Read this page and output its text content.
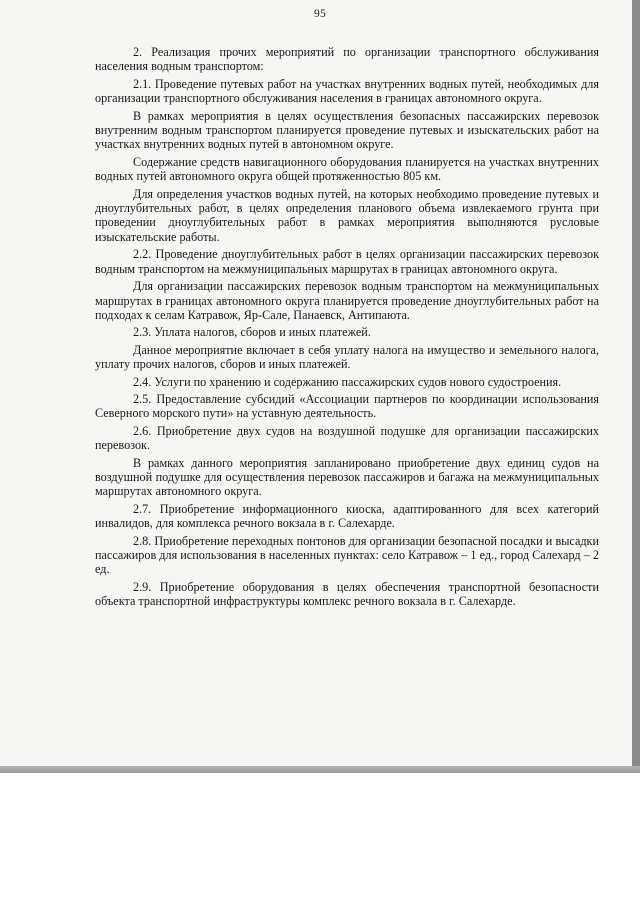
95

2. Реализация прочих мероприятий по организации транспортного обслуживания населения водным транспортом:

2.1. Проведение путевых работ на участках внутренних водных путей, необходимых для организации транспортного обслуживания населения в границах автономного округа.

В рамках мероприятия в целях осуществления безопасных пассажирских перевозок внутренним водным транспортом планируется проведение путевых и изыскательских работ на участках внутренних водных путей в автономном округе.

Содержание средств навигационного оборудования планируется на участках внутренних водных путей автономного округа общей протяженностью 805 км.

Для определения участков водных путей, на которых необходимо проведение путевых и дноуглубительных работ, в целях определения планового объема извлекаемого грунта при проведении дноуглубительных работ в рамках мероприятия выполняются русловые изыскательские работы.

2.2. Проведение дноуглубительных работ в целях организации пассажирских перевозок водным транспортом на межмуниципальных маршрутах в границах автономного округа.

Для организации пассажирских перевозок водным транспортом на межмуниципальных маршрутах в границах автономного округа планируется проведение дноуглубительных работ на подходах к селам Катравож, Яр-Сале, Панаевск, Антипаюта.

2.3. Уплата налогов, сборов и иных платежей.

Данное мероприятие включает в себя уплату налога на имущество и земельного налога, уплату прочих налогов, сборов и иных платежей.

2.4. Услуги по хранению и содержанию пассажирских судов нового судостроения.

2.5. Предоставление субсидий «Ассоциации партнеров по координации использования Северного морского пути» на уставную деятельность.

2.6. Приобретение двух судов на воздушной подушке для организации пассажирских перевозок.

В рамках данного мероприятия запланировано приобретение двух единиц судов на воздушной подушке для осуществления перевозок пассажиров и багажа на межмуниципальных маршрутах автономного округа.

2.7. Приобретение информационного киоска, адаптированного для всех категорий инвалидов, для комплекса речного вокзала в г. Салехарде.

2.8. Приобретение переходных понтонов для организации безопасной посадки и высадки пассажиров для использования в населенных пунктах: село Катравож – 1 ед., город Салехард – 2 ед.

2.9. Приобретение оборудования в целях обеспечения транспортной безопасности объекта транспортной инфраструктуры комплекс речного вокзала в г. Салехарде.
